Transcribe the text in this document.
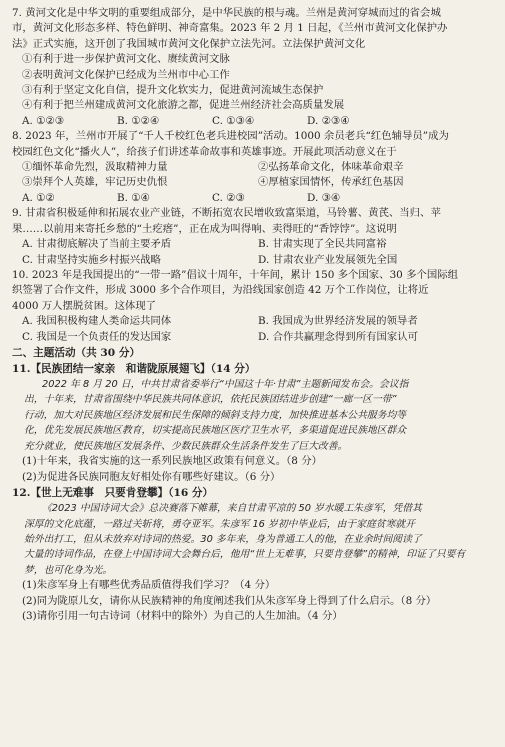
7. 黄河文化是中华文明的重要组成部分，是中华民族的根与魂。兰州是黄河穿城而过的省会城

市，黄河文化形态多样、特色鲜明、神奇富集。2023 年 2 月 1 日起，《兰州市黄河文化保护办

法》正式实施，这开创了我国城市黄河文化保护立法先河。立法保护黄河文化

①有利于进一步保护黄河文化、赓续黄河文脉

②表明黄河文化保护已经成为兰州市中心工作

③有利于坚定文化自信，提升文化软实力，促进黄河流域生态保护

④有利于把兰州建成黄河文化旅游之都，促进兰州经济社会高质量发展

A. ①②③	B. ①②④	C. ①③④	D. ②③④

8. 2023 年，兰州市开展了“千人千校红色老兵进校园”活动。1000 余员老兵“红色辅导员”成为

校园红色文化“播火人”，给孩子们讲述革命故事和英雄事迹。开展此项活动意义在于

①缅怀革命先烈，汲取精神力量	②弘扬革命文化，体味革命艰辛
③崇拜个人英雄，牢记历史仇恨	④厚植家国情怀，传承红色基因
A. ①②	B. ①④	C. ②③	D. ③④

9. 甘肃省积极延伸和拓展农业产业链，不断拓宽农民增收致富渠道，马铃薯、黄芪、当归、苹

果……以前用来寄托乡愁的“土疙瘩”，正在成为叫得响、卖得旺的“香饽饽”。这说明

A. 甘肃彻底解决了当前主要矛盾	B. 甘肃实现了全民共同富裕
C. 甘肃坚持实施乡村振兴战略	D. 甘肃农业产业发展领先全国

10. 2023 年是我国提出的“一带一路”倡议十周年，十年间，累计 150 多个国家、30 多个国际组

织签署了合作文件，形成 3000 多个合作项目，为沿线国家创造 42 万个工作岗位，让将近

4000 万人摆脱贫困。这体现了

A. 我国积极构建人类命运共同体	B. 我国成为世界经济发展的领导者
C. 我国是一个负责任的发达国家	D. 合作共赢理念得到所有国家认可

二、主题活动（共 30 分）

11.【民族团结一家亲　和谐陇原展翅飞】（14 分）

2022 年 8 月 20 日，中共甘肃省委举行“中国这十年·甘肃”主题新闻发布会。会议指

出，十年来，甘肃省围绕中华民族共同体意识，依托民族团结进步创建“一廊一区一带”

行动，加大对民族地区经济发展和民生保障的倾斜支持力度，加快推进基本公共服务均等

化，优先发展民族地区教育，切实提高民族地区医疗卫生水平，多渠道促进民族地区群众

充分就业，使民族地区发展条件、少数民族群众生活条件发生了巨大改善。

(1)十年来，我省实施的这一系列民族地区政策有何意义。（8 分）

(2)为促进各民族同胞友好相处你有哪些好建议。（6 分）

12.【世上无难事　只要肯登攀】（16 分）

《2023 中国诗词大会》总决赛落下帷幕，来自甘肃平凉的 50 岁水暖工朱彦军，凭借其

深厚的文化底蕴，一路过关斩将，勇夺亚军。朱彦军 16 岁初中毕业后，由于家庭贫寒就开

始外出打工，但从未放弃对诗词的热爱。30 多年来，身为普通工人的他，在业余时间阅读了

大量的诗词作品，在登上中国诗词大会舞台后，他用“世上无难事，只要肯登攀”的精神，印证了只要有

梦，也可化身为光。

(1)朱彦军身上有哪些优秀品质值得我们学习？（4 分）

(2)同为陇原儿女，请你从民族精神的角度阐述我们从朱彦军身上得到了什么启示。（8 分）

(3)请你引用一句古诗词（材料中的除外）为自己的人生加油。（4 分）
